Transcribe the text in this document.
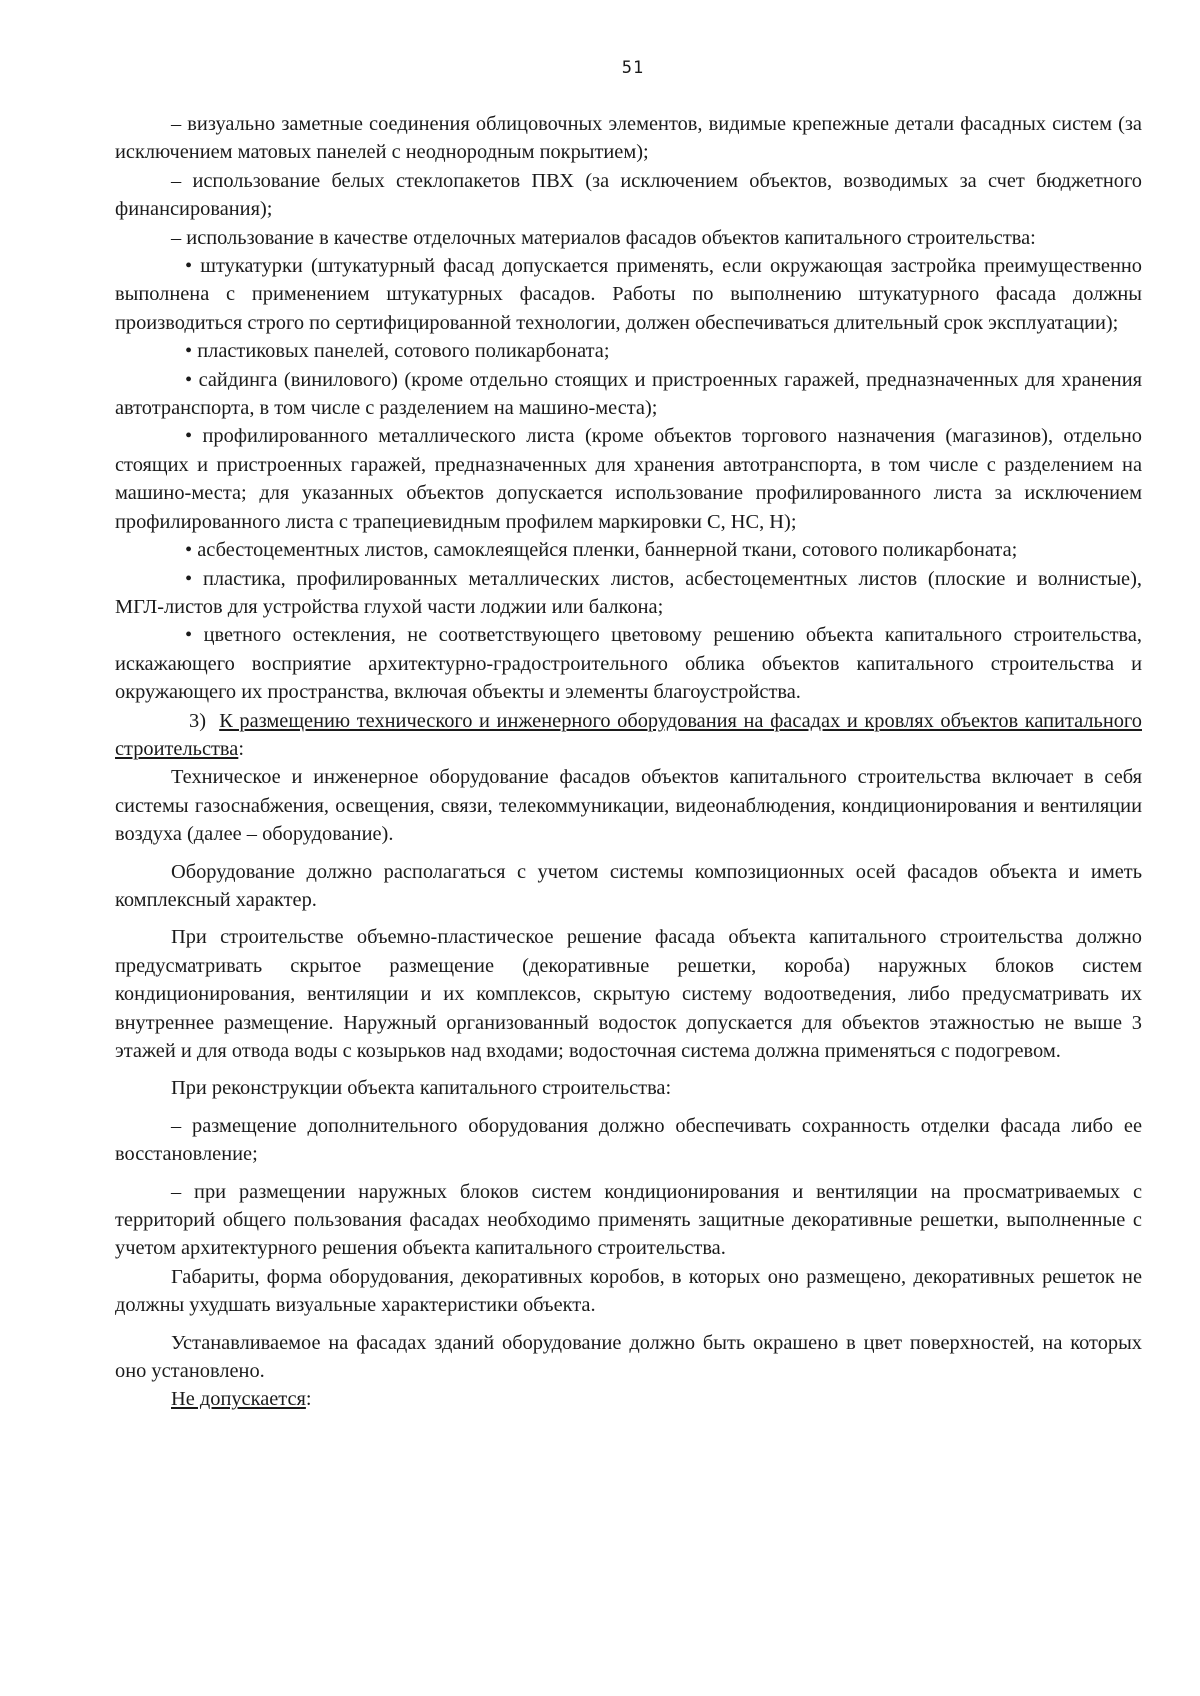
51

– визуально заметные соединения облицовочных элементов, видимые крепежные детали фасадных систем (за исключением матовых панелей с неоднородным покрытием);

– использование белых стеклопакетов ПВХ (за исключением объектов, возводимых за счет бюджетного финансирования);

– использование в качестве отделочных материалов фасадов объектов капитального строительства:

• штукатурки (штукатурный фасад допускается применять, если окружающая застройка преимущественно выполнена с применением штукатурных фасадов. Работы по выполнению штукатурного фасада должны производиться строго по сертифицированной технологии, должен обеспечиваться длительный срок эксплуатации);

• пластиковых панелей, сотового поликарбоната;

• сайдинга (винилового) (кроме отдельно стоящих и пристроенных гаражей, предназначенных для хранения автотранспорта, в том числе с разделением на машино-места);

• профилированного металлического листа (кроме объектов торгового назначения (магазинов), отдельно стоящих и пристроенных гаражей, предназначенных для хранения автотранспорта, в том числе с разделением на машино-места; для указанных объектов допускается использование профилированного листа за исключением профилированного листа с трапециевидным профилем маркировки С, НС, Н);

• асбестоцементных листов, самоклеящейся пленки, баннерной ткани, сотового поликарбоната;

• пластика, профилированных металлических листов, асбестоцементных листов (плоские и волнистые), МГЛ-листов для устройства глухой части лоджии или балкона;

• цветного остекления, не соответствующего цветовому решению объекта капитального строительства, искажающего восприятие архитектурно-градостроительного облика объектов капитального строительства и окружающего их пространства, включая объекты и элементы благоустройства.

3) К размещению технического и инженерного оборудования на фасадах и кровлях объектов капитального строительства:

Техническое и инженерное оборудование фасадов объектов капитального строительства включает в себя системы газоснабжения, освещения, связи, телекоммуникации, видеонаблюдения, кондиционирования и вентиляции воздуха (далее – оборудование).

Оборудование должно располагаться с учетом системы композиционных осей фасадов объекта и иметь комплексный характер.

При строительстве объемно-пластическое решение фасада объекта капитального строительства должно предусматривать скрытое размещение (декоративные решетки, короба) наружных блоков систем кондиционирования, вентиляции и их комплексов, скрытую систему водоотведения, либо предусматривать их внутреннее размещение. Наружный организованный водосток допускается для объектов этажностью не выше 3 этажей и для отвода воды с козырьков над входами; водосточная система должна применяться с подогревом.

При реконструкции объекта капитального строительства:

– размещение дополнительного оборудования должно обеспечивать сохранность отделки фасада либо ее восстановление;

– при размещении наружных блоков систем кондиционирования и вентиляции на просматриваемых с территорий общего пользования фасадах необходимо применять защитные декоративные решетки, выполненные с учетом архитектурного решения объекта капитального строительства.

Габариты, форма оборудования, декоративных коробов, в которых оно размещено, декоративных решеток не должны ухудшать визуальные характеристики объекта.

Устанавливаемое на фасадах зданий оборудование должно быть окрашено в цвет поверхностей, на которых оно установлено.

Не допускается:
